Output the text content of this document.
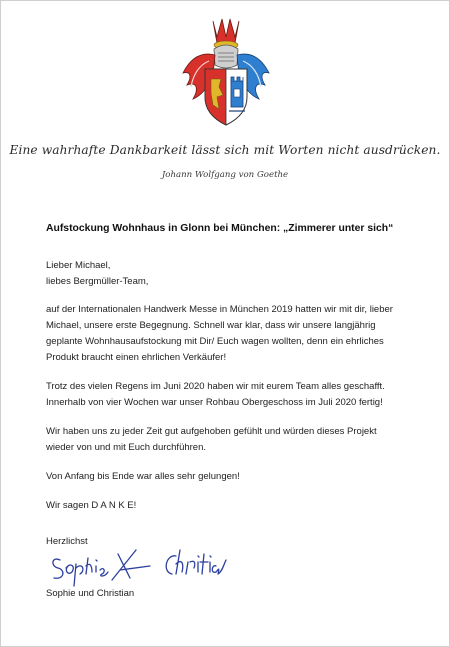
Eine wahrhafte Dankbarkeit lässt sich mit Worten nicht ausdrücken.

Johann Wolfgang von Goethe

Aufstockung Wohnhaus in Glonn bei München: „Zimmerer unter sich“

Lieber Michael,

liebes Bergmüller-Team,

auf der Internationalen Handwerk Messe in München 2019 hatten wir mit dir, lieber Michael, unsere erste Begegnung. Schnell war klar, dass wir unsere langjährig geplante Wohnhausaufstockung mit Dir/ Euch wagen wollten, denn ein ehrliches Produkt braucht einen ehrlichen Verkäufer!

Trotz des vielen Regens im Juni 2020 haben wir mit eurem Team alles geschafft. Innerhalb von vier Wochen war unser Rohbau Obergeschoss im Juli 2020 fertig!

Wir haben uns zu jeder Zeit gut aufgehoben gefühlt und würden dieses Projekt wieder von und mit Euch durchführen.

Von Anfang bis Ende war alles sehr gelungen!

Wir sagen D A N K E!

Herzlichst

Sophie und Christian
